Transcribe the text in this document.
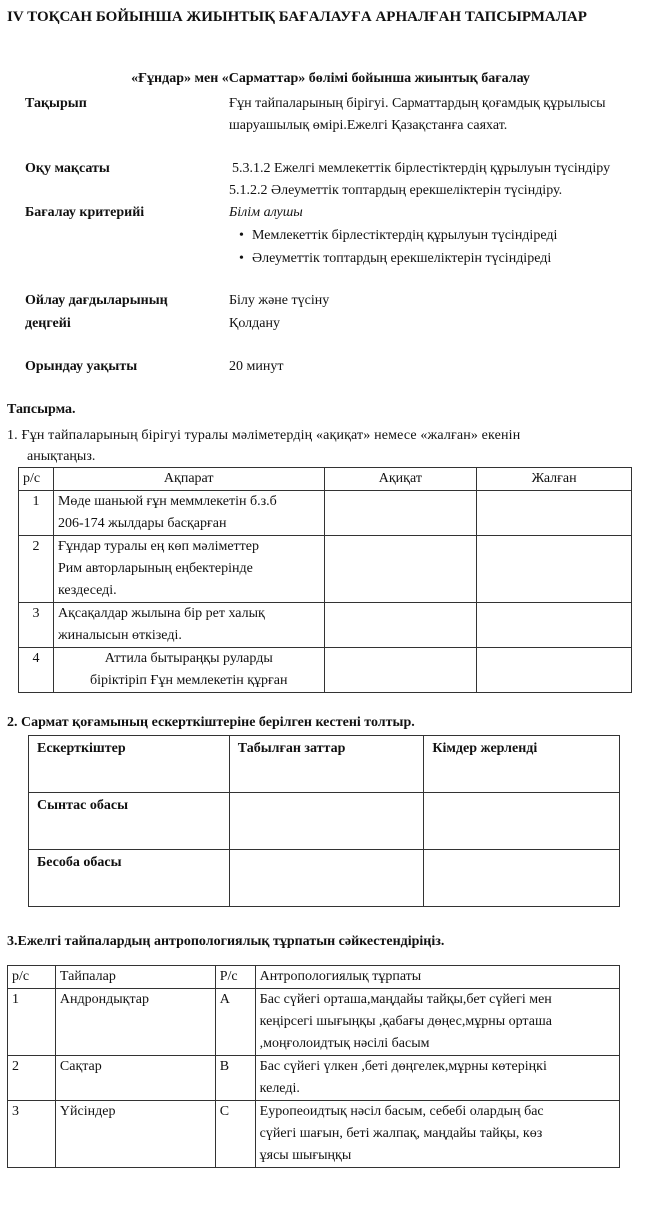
IV ТОҚСАН БОЙЫНША ЖИЫНТЫҚ БАҒАЛАУҒА АРНАЛҒАН ТАПСЫРМАЛАР
«Ғұндар» мен «Сарматтар» бөлімі бойынша жиынтық бағалау
Тақырып	Ғұн тайпаларының бірігуі. Сарматтардың қоғамдық құрылысы
шаруашылық өмірі.Ежелгі Қазақстанға саяхат.
Оқу мақсаты	5.3.1.2 Ежелгі мемлекеттік бірлестіктердің құрылуын түсіндіру
5.1.2.2 Әлеуметтік топтардың ерекшеліктерін түсіндіру.
Бағалау критерийі	Білім алушы
• Мемлекеттік бірлестіктердің құрылуын түсіндіреді
• Әлеуметтік топтардың ерекшеліктерін түсіндіреді
Ойлау дағдыларының
деңгейі
Білу және түсіну
Қолдану
Орындау уақыты	20 минут
Тапсырма.
1. Ғұн тайпаларының бірігуі туралы мәліметердің «ақиқат» немесе «жалған» екенін
анықтаңыз.
р/с	Ақпарат	Ақиқат	Жалған
1	Мөде шаньюй ғұн меммлекетін б.з.б
206-174 жылдары басқарған		
2	Ғұндар туралы ең көп мәліметтер
Рим авторларының еңбектерінде
кездеседі.		
3	Ақсақалдар жылына бір рет халық
жиналысын өткізеді.		
4	Аттила бытыраңқы руларды
біріктіріп Ғұн мемлекетін құрған		
2. Сармат қоғамының ескерткіштеріне берілген кестені толтыр.
Ескерткіштер	Табылған заттар	Кімдер жерленді
Сынтас обасы		
Бесоба обасы		
3.Ежелгі тайпалардың антропологиялық тұрпатын сәйкестендіріңіз.
р/с	Тайпалар	Р/с	Антропологиялық тұрпаты
1	Андрондықтар	A	Бас сүйегі орташа,маңдайы тайқы,бет сүйегі мен
кеңірсегі шығыңқы ,қабағы дөңес,мұрны орташа
,моңғолоидтық нәсілі басым
2	Сақтар	B	Бас сүйегі үлкен ,беті дөңгелек,мұрны көтеріңкі
келеді.
3	Үйсіндер	C	Еуропеоидтық нәсіл басым, себебі олардың бас
сүйегі шағын, беті жалпақ, маңдайы тайқы, көз
ұясы шығыңқы
